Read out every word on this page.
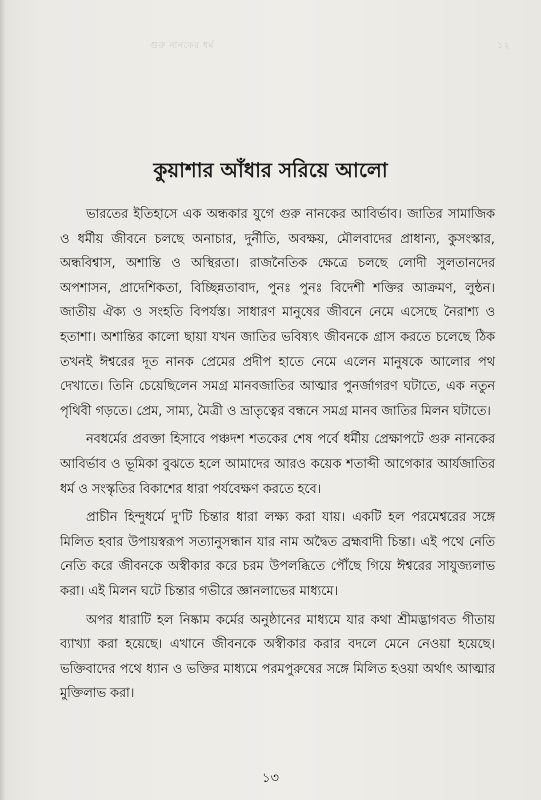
গুরু নানকের ধর্ম	১২
কুয়াশার আঁধার সরিয়ে আলো

ভারতের ইতিহাসে এক অন্ধকার যুগে গুরু নানকের আবির্ভাব। জাতির সামাজিক ও ধর্মীয় জীবনে চলছে অনাচার, দুর্নীতি, অবক্ষয়, মৌলবাদের প্রাধান্য, কুসংস্কার, অন্ধবিশ্বাস, অশান্তি ও অস্থিরতা। রাজনৈতিক ক্ষেত্রে চলছে লোদী সুলতানদের অপশাসন, প্রাদেশিকতা, বিচ্ছিন্নতাবাদ, পুনঃ পুনঃ বিদেশী শক্তির আক্রমণ, লুন্ঠন। জাতীয় ঐক্য ও সংহতি বিপর্যস্ত। সাধারণ মানুষের জীবনে নেমে এসেছে নৈরাশ্য ও হতাশা। অশান্তির কালো ছায়া যখন জাতির ভবিষ্যৎ জীবনকে গ্রাস করতে চলেছে ঠিক তখনই ঈশ্বরের দূত নানক প্রেমের প্রদীপ হাতে নেমে এলেন মানুষকে আলোর পথ দেখাতে। তিনি চেয়েছিলেন সমগ্র মানবজাতির আত্মার পুনর্জাগরণ ঘটাতে, এক নতুন পৃথিবী গড়তে। প্রেম, সাম্য, মৈত্রী ও ভ্রাতৃত্বের বন্ধনে সমগ্র মানব জাতির মিলন ঘটাতে।

নবধর্মের প্রবক্তা হিসাবে পঞ্চদশ শতকের শেষ পর্বে ধর্মীয় প্রেক্ষাপটে গুরু নানকের আবির্ভাব ও ভূমিকা বুঝতে হলে আমাদের আরও কয়েক শতাব্দী আগেকার আর্যজাতির ধর্ম ও সংস্কৃতির বিকাশের ধারা পর্যবেক্ষণ করতে হবে।

প্রাচীন হিন্দুধর্মে দু'টি চিন্তার ধারা লক্ষ্য করা যায়। একটি হল পরমেশ্বরের সঙ্গে মিলিত হবার উপায়স্বরূপ সত্যানুসন্ধান যার নাম অদ্বৈত ব্রহ্মবাদী চিন্তা। এই পথে নেতি নেতি করে জীবনকে অস্বীকার করে চরম উপলব্ধিতে পৌঁছে গিয়ে ঈশ্বরের সাযুজ্যলাভ করা। এই মিলন ঘটে চিন্তার গভীরে জ্ঞানলাভের মাধ্যমে।

অপর ধারাটি হল নিষ্কাম কর্মের অনুষ্ঠানের মাধ্যমে যার কথা শ্রীমদ্ভাগবত গীতায় ব্যাখ্যা করা হয়েছে। এখানে জীবনকে অস্বীকার করার বদলে মেনে নেওয়া হয়েছে। ভক্তিবাদের পথে ধ্যান ও ভক্তির মাধ্যমে পরমপুরুষের সঙ্গে মিলিত হওয়া অর্থাৎ আত্মার মুক্তিলাভ করা।

১৩
